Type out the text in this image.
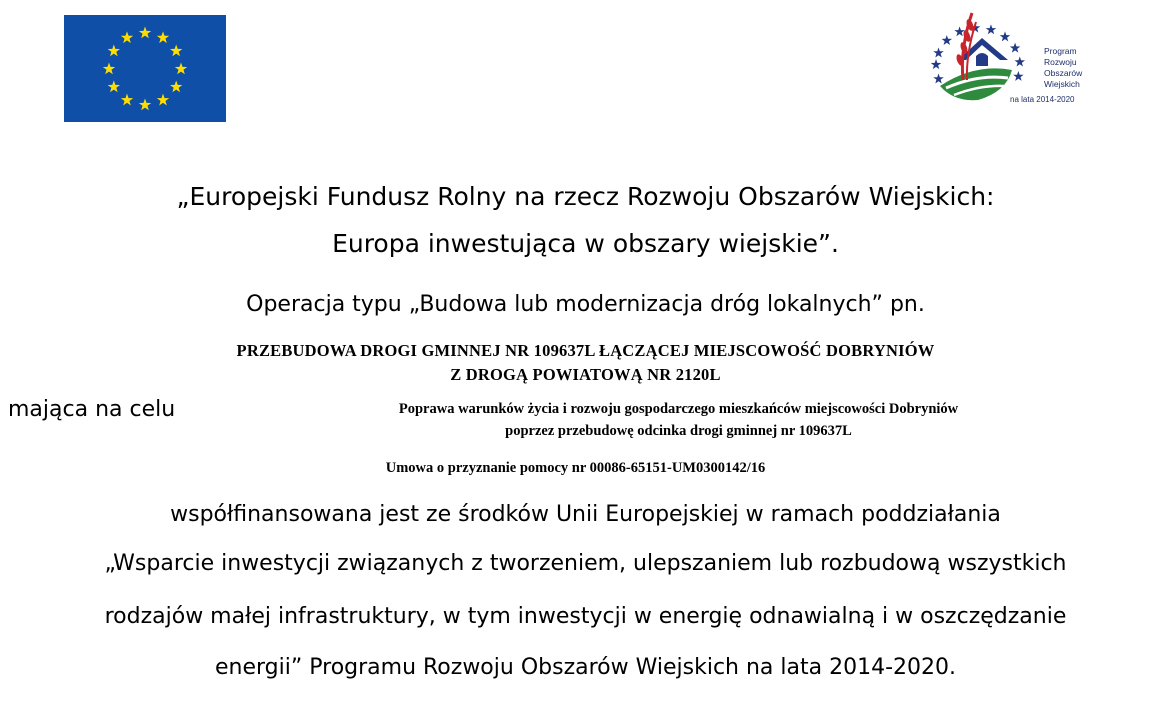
Program
Rozwoju
Obszarów
Wiejskich
na lata 2014-2020
„Europejski Fundusz Rolny na rzecz Rozwoju Obszarów Wiejskich:
Europa inwestująca w obszary wiejskie”.
Operacja typu „Budowa lub modernizacja dróg lokalnych” pn.
PRZEBUDOWA DROGI GMINNEJ NR 109637L ŁĄCZĄCEJ MIEJSCOWOŚĆ DOBRYNIÓW
Z DROGĄ POWIATOWĄ NR 2120L
mająca na celu	Poprawa warunków życia i rozwoju gospodarczego mieszkańców miejscowości Dobryniów
poprzez przebudowę odcinka drogi gminnej nr 109637L
Umowa o przyznanie pomocy nr 00086-65151-UM0300142/16
współfinansowana jest ze środków Unii Europejskiej w ramach poddziałania
„Wsparcie inwestycji związanych z tworzeniem, ulepszaniem lub rozbudową wszystkich
rodzajów małej infrastruktury, w tym inwestycji w energię odnawialną i w oszczędzanie
energii” Programu Rozwoju Obszarów Wiejskich na lata 2014-2020.
